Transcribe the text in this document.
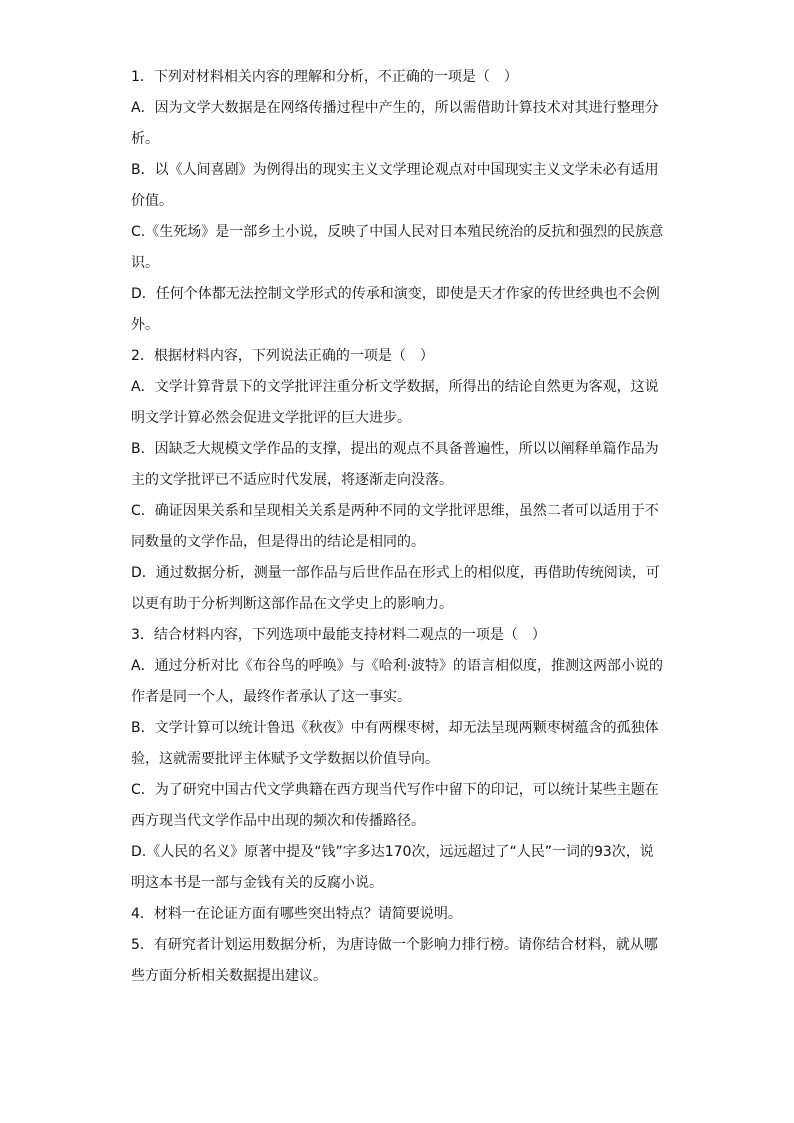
1．下列对材料相关内容的理解和分析，不正确的一项是（　）
A．因为文学大数据是在网络传播过程中产生的，所以需借助计算技术对其进行整理分
析。
B．以《人间喜剧》为例得出的现实主义文学理论观点对中国现实主义文学未必有适用
价值。
C.《生死场》是一部乡土小说，反映了中国人民对日本殖民统治的反抗和强烈的民族意
识。
D．任何个体都无法控制文学形式的传承和演变，即使是天才作家的传世经典也不会例
外。
2．根据材料内容，下列说法正确的一项是（　）
A．文学计算背景下的文学批评注重分析文学数据，所得出的结论自然更为客观，这说
明文学计算必然会促进文学批评的巨大进步。
B．因缺乏大规模文学作品的支撑，提出的观点不具备普遍性，所以以阐释单篇作品为
主的文学批评已不适应时代发展，将逐渐走向没落。
C．确证因果关系和呈现相关关系是两种不同的文学批评思维，虽然二者可以适用于不
同数量的文学作品，但是得出的结论是相同的。
D．通过数据分析，测量一部作品与后世作品在形式上的相似度，再借助传统阅读，可
以更有助于分析判断这部作品在文学史上的影响力。
3．结合材料内容，下列选项中最能支持材料二观点的一项是（　）
A．通过分析对比《布谷鸟的呼唤》与《哈利·波特》的语言相似度，推测这两部小说的
作者是同一个人，最终作者承认了这一事实。
B．文学计算可以统计鲁迅《秋夜》中有两棵枣树，却无法呈现两颗枣树蕴含的孤独体
验，这就需要批评主体赋予文学数据以价值导向。
C．为了研究中国古代文学典籍在西方现当代写作中留下的印记，可以统计某些主题在
西方现当代文学作品中出现的频次和传播路径。
D.《人民的名义》原著中提及“钱”字多达170次，远远超过了“人民”一词的93次，说
明这本书是一部与金钱有关的反腐小说。
4．材料一在论证方面有哪些突出特点？请简要说明。
5．有研究者计划运用数据分析，为唐诗做一个影响力排行榜。请你结合材料，就从哪
些方面分析相关数据提出建议。
